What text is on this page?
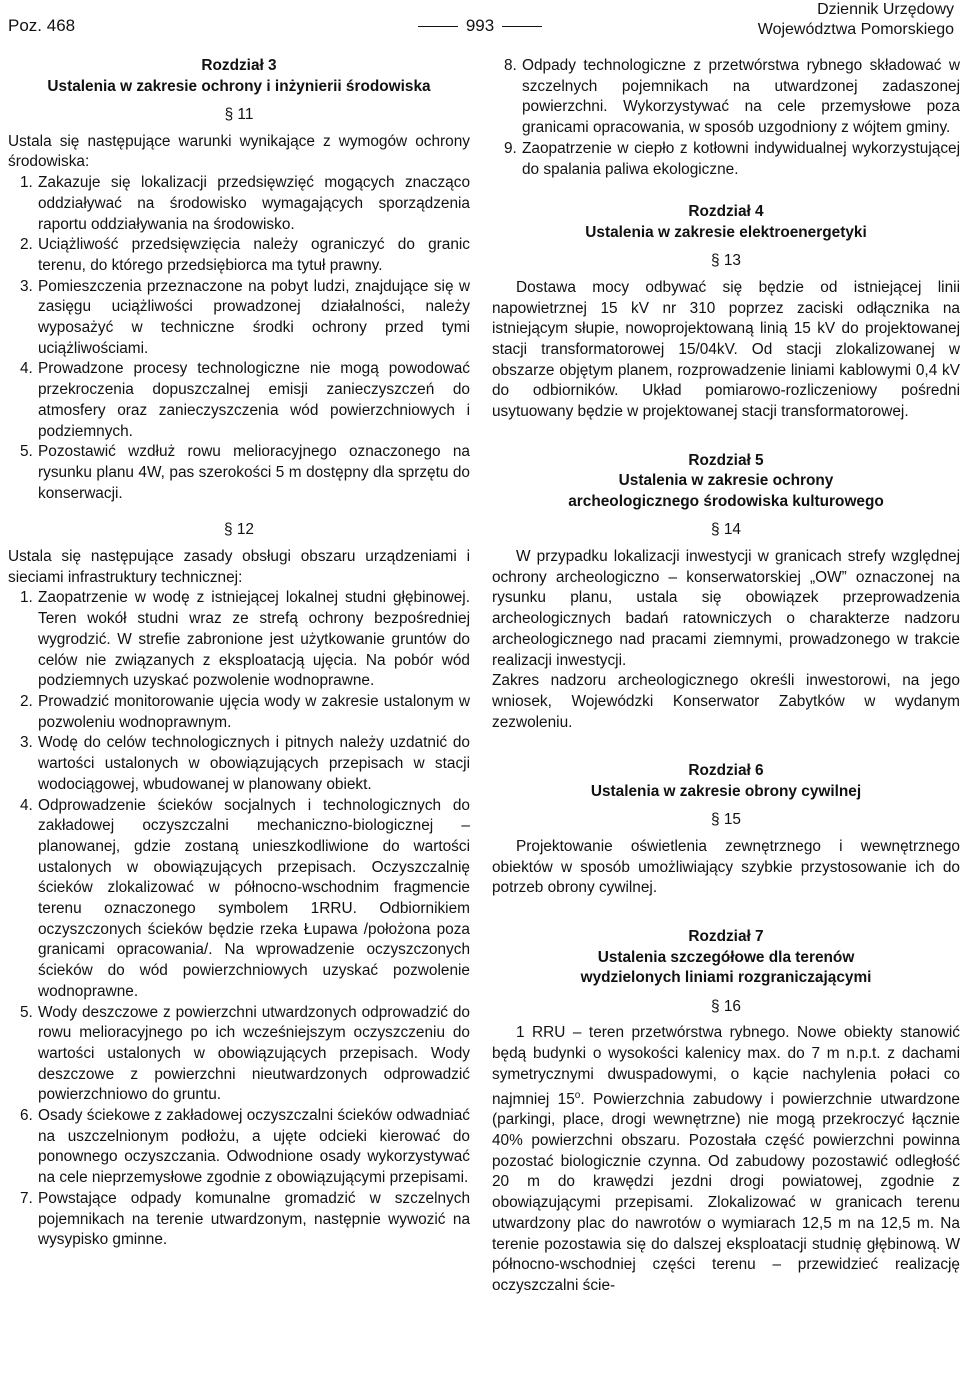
Poz. 468	993
Dziennik Urzędowy
Województwa Pomorskiego
Rozdział 3
Ustalenia w zakresie ochrony i inżynierii środowiska
§ 11

Ustala się następujące warunki wynikające z wymogów ochrony środowiska:

1. Zakazuje się lokalizacji przedsięwzięć mogących znacząco oddziaływać na środowisko wymagających sporządzenia raportu oddziaływania na środowisko.

2. Uciążliwość przedsięwzięcia należy ograniczyć do granic terenu, do którego przedsiębiorca ma tytuł prawny.

3. Pomieszczenia przeznaczone na pobyt ludzi, znajdujące się w zasięgu uciążliwości prowadzonej działalności, należy wyposażyć w techniczne środki ochrony przed tymi uciążliwościami.

4. Prowadzone procesy technologiczne nie mogą powodować przekroczenia dopuszczalnej emisji zanieczyszczeń do atmosfery oraz zanieczyszczenia wód powierzchniowych i podziemnych.

5. Pozostawić wzdłuż rowu melioracyjnego oznaczonego na rysunku planu 4W, pas szerokości 5 m dostępny dla sprzętu do konserwacji.

§ 12

Ustala się następujące zasady obsługi obszaru urządzeniami i sieciami infrastruktury technicznej:

1. Zaopatrzenie w wodę z istniejącej lokalnej studni głębinowej. Teren wokół studni wraz ze strefą ochrony bezpośredniej wygrodzić. W strefie zabronione jest użytkowanie gruntów do celów nie związanych z eksploatacją ujęcia. Na pobór wód podziemnych uzyskać pozwolenie wodnoprawne.

2. Prowadzić monitorowanie ujęcia wody w zakresie ustalonym w pozwoleniu wodnoprawnym.

3. Wodę do celów technologicznych i pitnych należy uzdatnić do wartości ustalonych w obowiązujących przepisach w stacji wodociągowej, wbudowanej w planowany obiekt.

4. Odprowadzenie ścieków socjalnych i technologicznych do zakładowej oczyszczalni mechaniczno-biologicznej – planowanej, gdzie zostaną unieszkodliwione do wartości ustalonych w obowiązujących przepisach. Oczyszczalnię ścieków zlokalizować w północno-wschodnim fragmencie terenu oznaczonego symbolem 1RRU. Odbiornikiem oczyszczonych ścieków będzie rzeka Łupawa /położona poza granicami opracowania/. Na wprowadzenie oczyszczonych ścieków do wód powierzchniowych uzyskać pozwolenie wodnoprawne.

5. Wody deszczowe z powierzchni utwardzonych odprowadzić do rowu melioracyjnego po ich wcześniejszym oczyszczeniu do wartości ustalonych w obowiązujących przepisach. Wody deszczowe z powierzchni nieutwardzonych odprowadzić powierzchniowo do gruntu.

6. Osady ściekowe z zakładowej oczyszczalni ścieków odwadniać na uszczelnionym podłożu, a ujęte odcieki kierować do ponownego oczyszczania. Odwodnione osady wykorzystywać na cele nieprzemysłowe zgodnie z obowiązującymi przepisami.

7. Powstające odpady komunalne gromadzić w szczelnych pojemnikach na terenie utwardzonym, następnie wywozić na wysypisko gminne.

8. Odpady technologiczne z przetwórstwa rybnego składować w szczelnych pojemnikach na utwardzonej zadaszonej powierzchni. Wykorzystywać na cele przemysłowe poza granicami opracowania, w sposób uzgodniony z wójtem gminy.

9. Zaopatrzenie w ciepło z kotłowni indywidualnej wykorzystującej do spalania paliwa ekologiczne.

Rozdział 4
Ustalenia w zakresie elektroenergetyki
§ 13

Dostawa mocy odbywać się będzie od istniejącej linii napowietrznej 15 kV nr 310 poprzez zaciski odłącznika na istniejącym słupie, nowoprojektowaną linią 15 kV do projektowanej stacji transformatorowej 15/04kV. Od stacji zlokalizowanej w obszarze objętym planem, rozprowadzenie liniami kablowymi 0,4 kV do odbiorników. Układ pomiarowo-rozliczeniowy pośredni usytuowany będzie w projektowanej stacji transformatorowej.

Rozdział 5
Ustalenia w zakresie ochrony
archeologicznego środowiska kulturowego
§ 14

W przypadku lokalizacji inwestycji w granicach strefy względnej ochrony archeologiczno – konserwatorskiej „OW” oznaczonej na rysunku planu, ustala się obowiązek przeprowadzenia archeologicznych badań ratowniczych o charakterze nadzoru archeologicznego nad pracami ziemnymi, prowadzonego w trakcie realizacji inwestycji.

Zakres nadzoru archeologicznego określi inwestorowi, na jego wniosek, Wojewódzki Konserwator Zabytków w wydanym zezwoleniu.

Rozdział 6
Ustalenia w zakresie obrony cywilnej
§ 15

Projektowanie oświetlenia zewnętrznego i wewnętrznego obiektów w sposób umożliwiający szybkie przystosowanie ich do potrzeb obrony cywilnej.

Rozdział 7
Ustalenia szczegółowe dla terenów
wydzielonych liniami rozgraniczającymi
§ 16

1 RRU – teren przetwórstwa rybnego. Nowe obiekty stanowić będą budynki o wysokości kalenicy max. do 7 m n.p.t. z dachami symetrycznymi dwuspadowymi, o kącie nachylenia połaci co najmniej 15$^o$. Powierzchnia zabudowy i powierzchnie utwardzone (parkingi, place, drogi wewnętrzne) nie mogą przekroczyć łącznie 40% powierzchni obszaru. Pozostała część powierzchni powinna pozostać biologicznie czynna. Od zabudowy pozostawić odległość 20 m do krawędzi jezdni drogi powiatowej, zgodnie z obowiązującymi przepisami. Zlokalizować w granicach terenu utwardzony plac do nawrotów o wymiarach 12,5 m na 12,5 m. Na terenie pozostawia się do dalszej eksploatacji studnię głębinową. W północno-wschodniej części terenu – przewidzieć realizację oczyszczalni ście-
